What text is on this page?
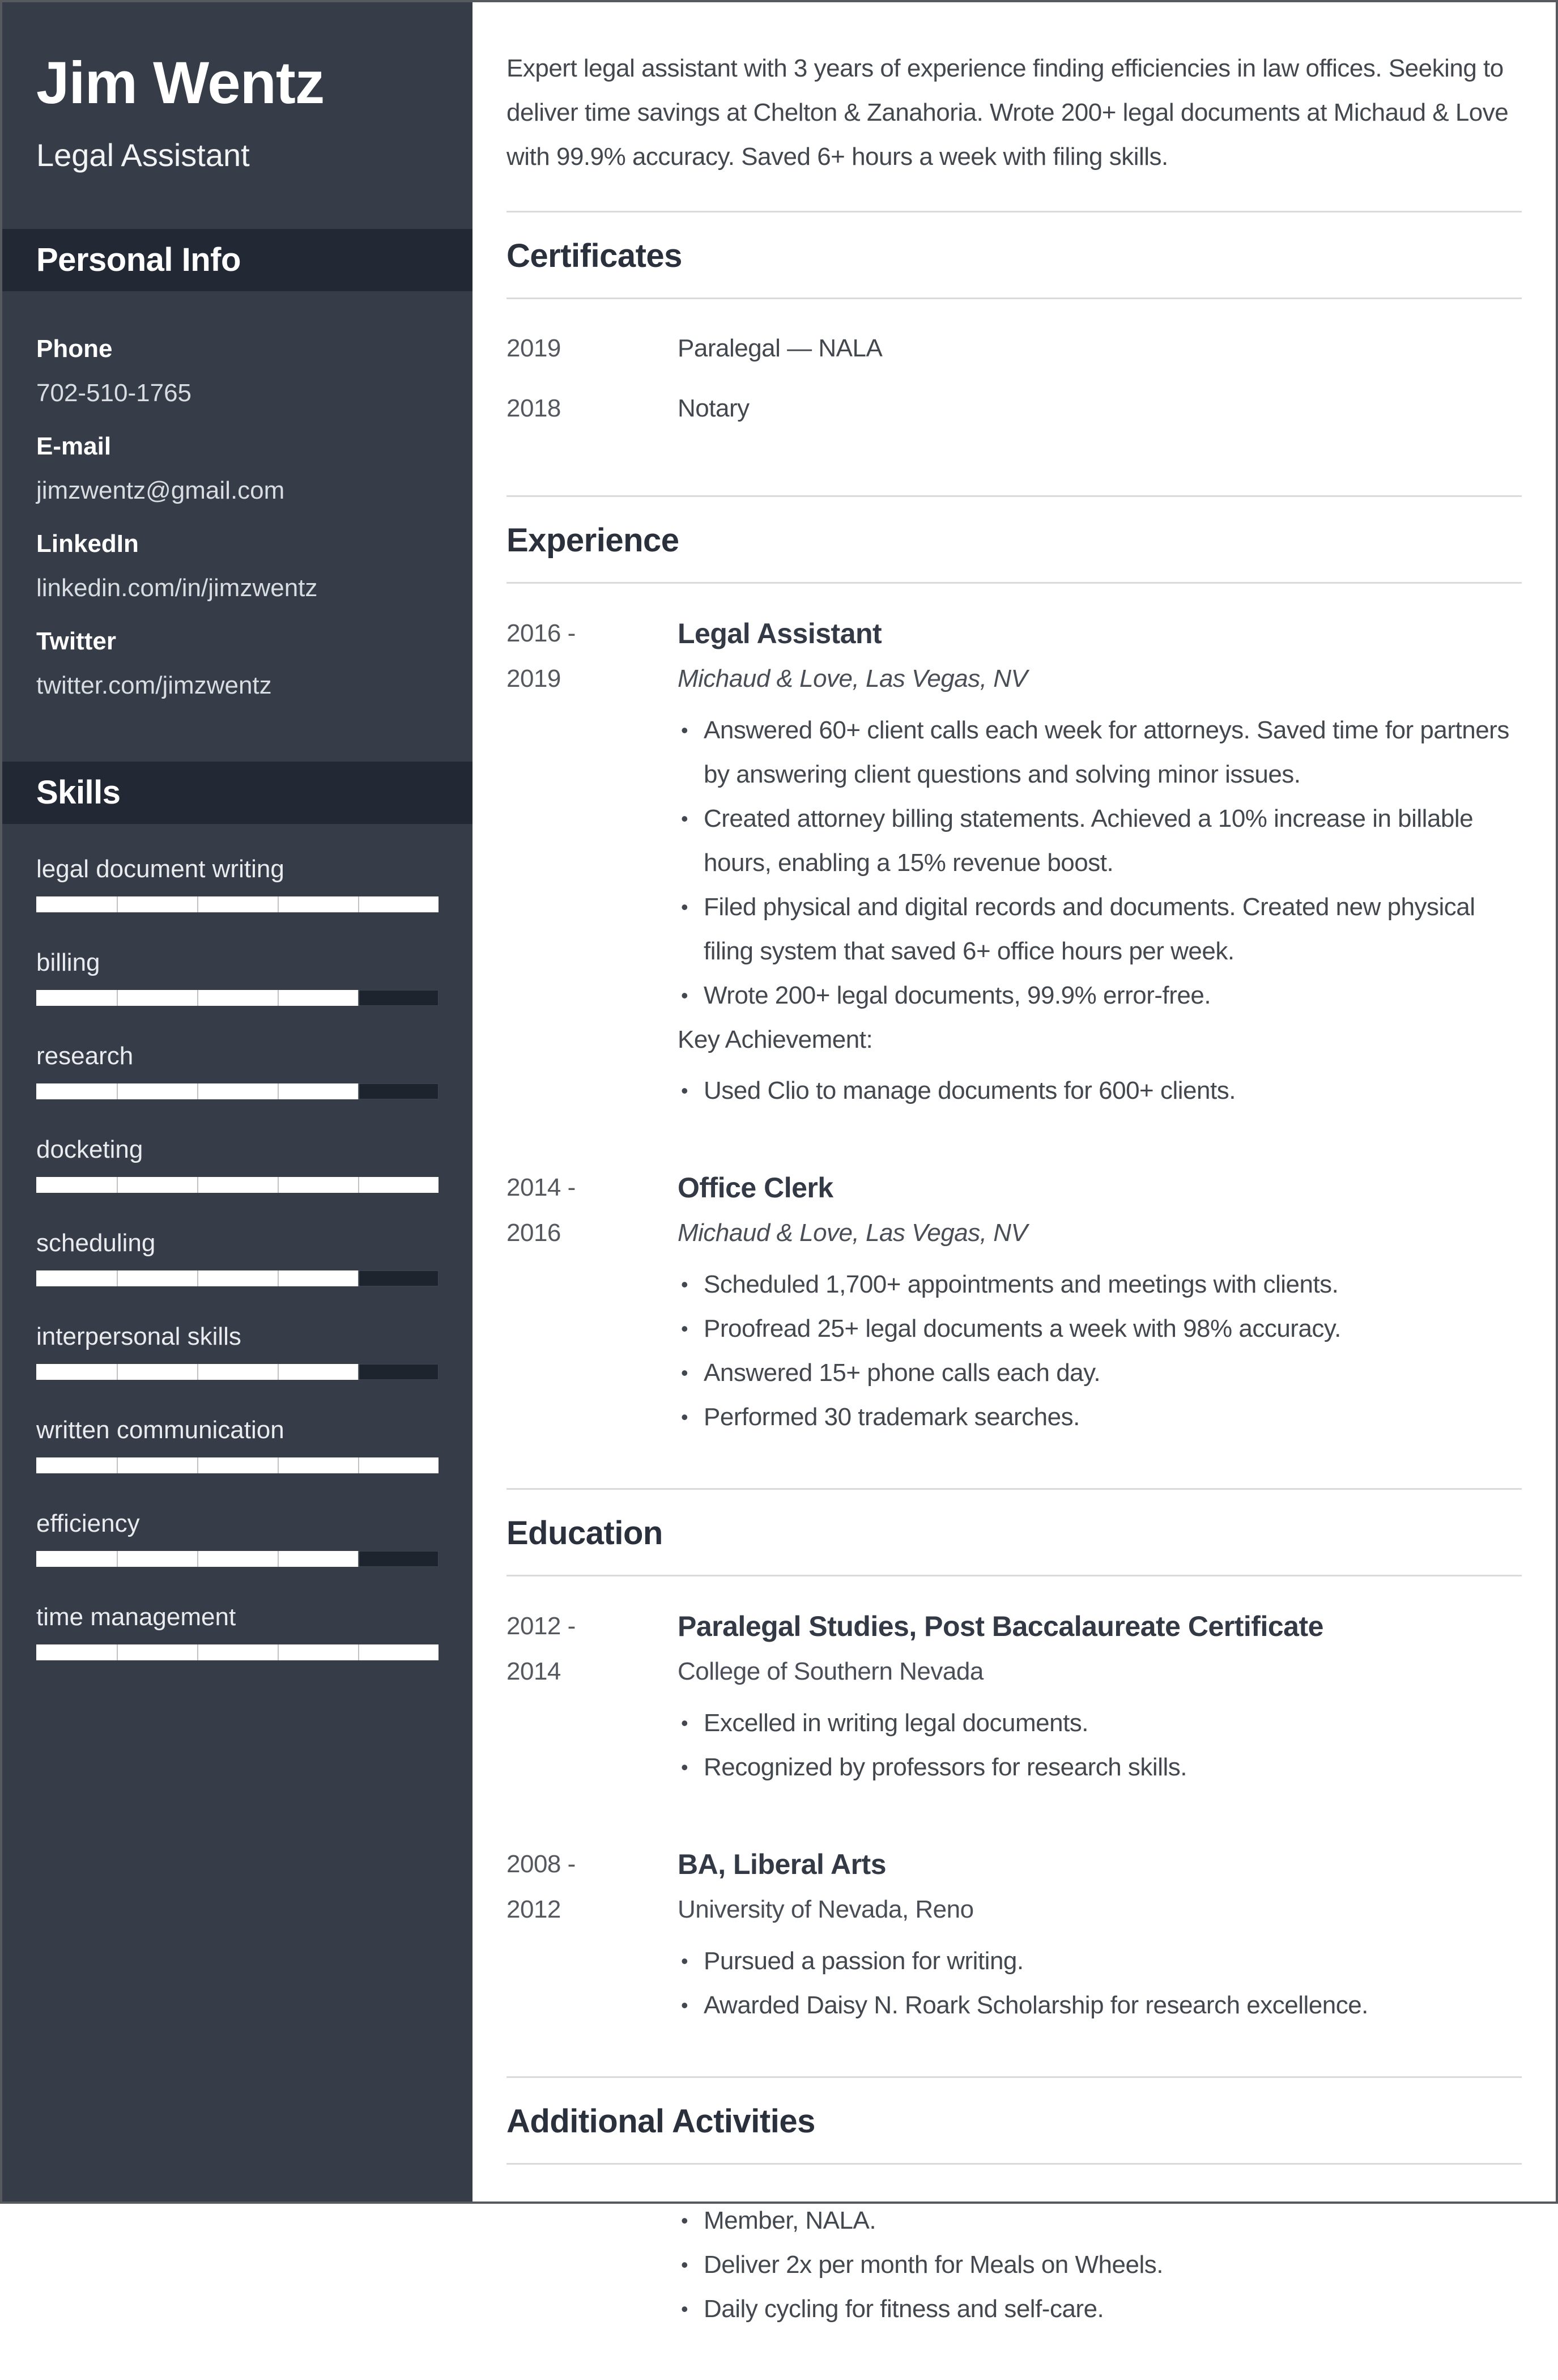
Jim Wentz
Legal Assistant
Personal Info
Phone
702-510-1765
E-mail
jimzwentz@gmail.com
LinkedIn
linkedin.com/in/jimzwentz
Twitter
twitter.com/jimzwentz
Skills
legal document writing
billing
research
docketing
scheduling
interpersonal skills
written communication
efficiency
time management

Expert legal assistant with 3 years of experience finding efficiencies in law offices. Seeking to deliver time savings at Chelton & Zanahoria. Wrote 200+ legal documents at Michaud & Love with 99.9% accuracy. Saved 6+ hours a week with filing skills.

Certificates
2019	Paralegal — NALA
2018	Notary
Experience
2016 -
2019
Legal Assistant
Michaud & Love, Las Vegas, NV
• Answered 60+ client calls each week for attorneys. Saved time for partners by answering client questions and solving minor issues.
• Created attorney billing statements. Achieved a 10% increase in billable hours, enabling a 15% revenue boost.
• Filed physical and digital records and documents. Created new physical filing system that saved 6+ office hours per week.
• Wrote 200+ legal documents, 99.9% error-free.
Key Achievement:
• Used Clio to manage documents for 600+ clients.
2014 -
2016
Office Clerk
Michaud & Love, Las Vegas, NV
• Scheduled 1,700+ appointments and meetings with clients.
• Proofread 25+ legal documents a week with 98% accuracy.
• Answered 15+ phone calls each day.
• Performed 30 trademark searches.
Education
2012 -
2014
Paralegal Studies, Post Baccalaureate Certificate
College of Southern Nevada
• Excelled in writing legal documents.
• Recognized by professors for research skills.
2008 -
2012
BA, Liberal Arts
University of Nevada, Reno
• Pursued a passion for writing.
• Awarded Daisy N. Roark Scholarship for research excellence.
Additional Activities
• Member, NALA.
• Deliver 2x per month for Meals on Wheels.
• Daily cycling for fitness and self-care.
